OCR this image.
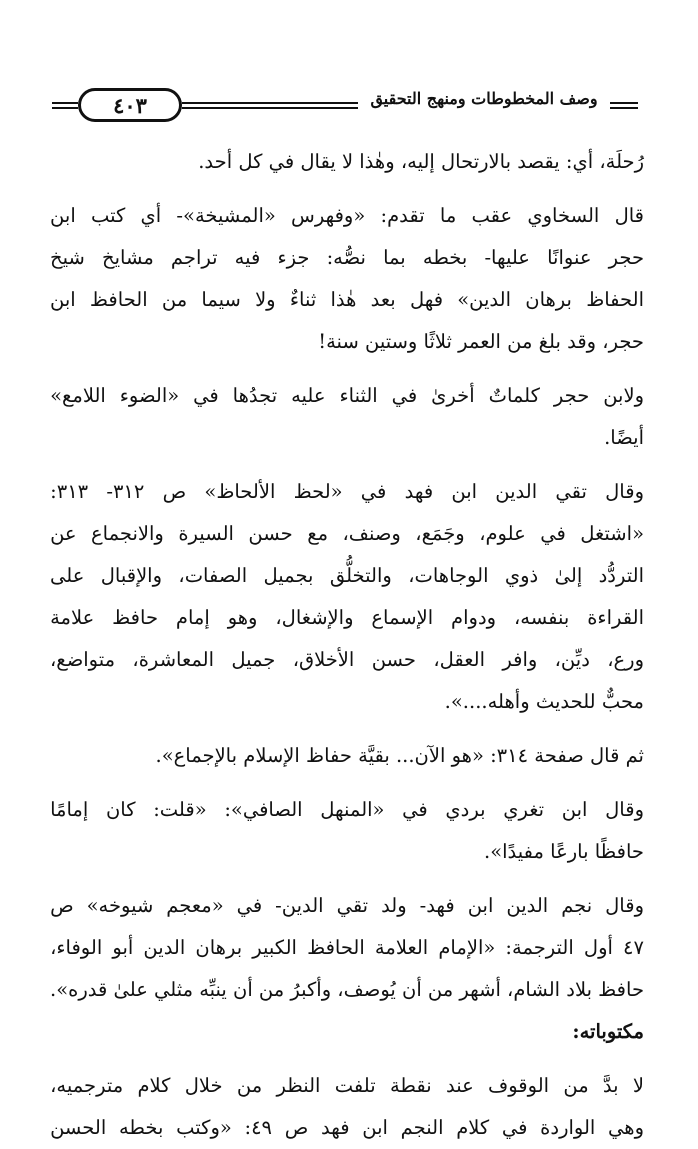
٤٠٣	وصف المخطوطات ومنهج التحقيق
رُحلَة، أي: يقصد بالارتحال إليه، وهٰذا لا يقال في كل أحد.
قال
السخاوي
عقب
ما
تقدم:
«وفهرس
«المشيخة»-
أي
كتب
ابن
حجر
عنوانًا
عليها-
بخطه
بما
نصُّه:
جزء
فيه
تراجم
مشايخ
شيخ
الحفاظ
برهان
الدين»
فهل
بعد
هٰذا
ثناءٌ
ولا
سيما
من
الحافظ
ابن
حجر، وقد بلغ من العمر ثلاثًا وستين سنة!
ولابن
حجر
كلماتٌ
أخرىٰ
في
الثناء
عليه
تجدُها
في
«الضوء
اللامع»
أيضًا.
وقال
تقي
الدين
ابن
فهد
في
«لحظ
الألحاظ»
ص
٣١٢-
٣١٣:
«اشتغل
في
علوم،
وجَمَع،
وصنف،
مع
حسن
السيرة
والانجماع
عن
التردُّد
إلىٰ
ذوي
الوجاهات،
والتخلُّق
بجميل
الصفات،
والإقبال
على
القراءة
بنفسه،
ودوام
الإسماع
والإشغال،
وهو
إمام
حافظ
علامة
ورع،
ديِّن،
وافر
العقل،
حسن
الأخلاق،
جميل
المعاشرة،
متواضع،
محبٌّ للحديث وأهله....».
ثم قال صفحة ٣١٤: «هو الآن... بقيَّة حفاظ الإسلام بالإجماع».
وقال
ابن
تغري
بردي
في
«المنهل
الصافي»:
«قلت:
كان
إمامًا
حافظًا بارعًا مفيدًا».
وقال
نجم
الدين
ابن
فهد-
ولد
تقي
الدين-
في
«معجم
شيوخه»
ص
٤٧
أول
الترجمة:
«الإمام
العلامة
الحافظ
الكبير
برهان
الدين
أبو
الوفاء،
حافظ
بلاد
الشام،
أشهر
من
أن
يُوصف،
وأكبرُ
من
أن
ينبِّه
مثلي
علىٰ
قدره».
مكتوباته:
لا
بدَّ
من
الوقوف
عند
نقطة
تلفت
النظر
من
خلال
كلام
مترجميه،
وهي
الواردة
في
كلام
النجم
ابن
فهد
ص
٤٩:
«وكتب
بخطه
الحسن
